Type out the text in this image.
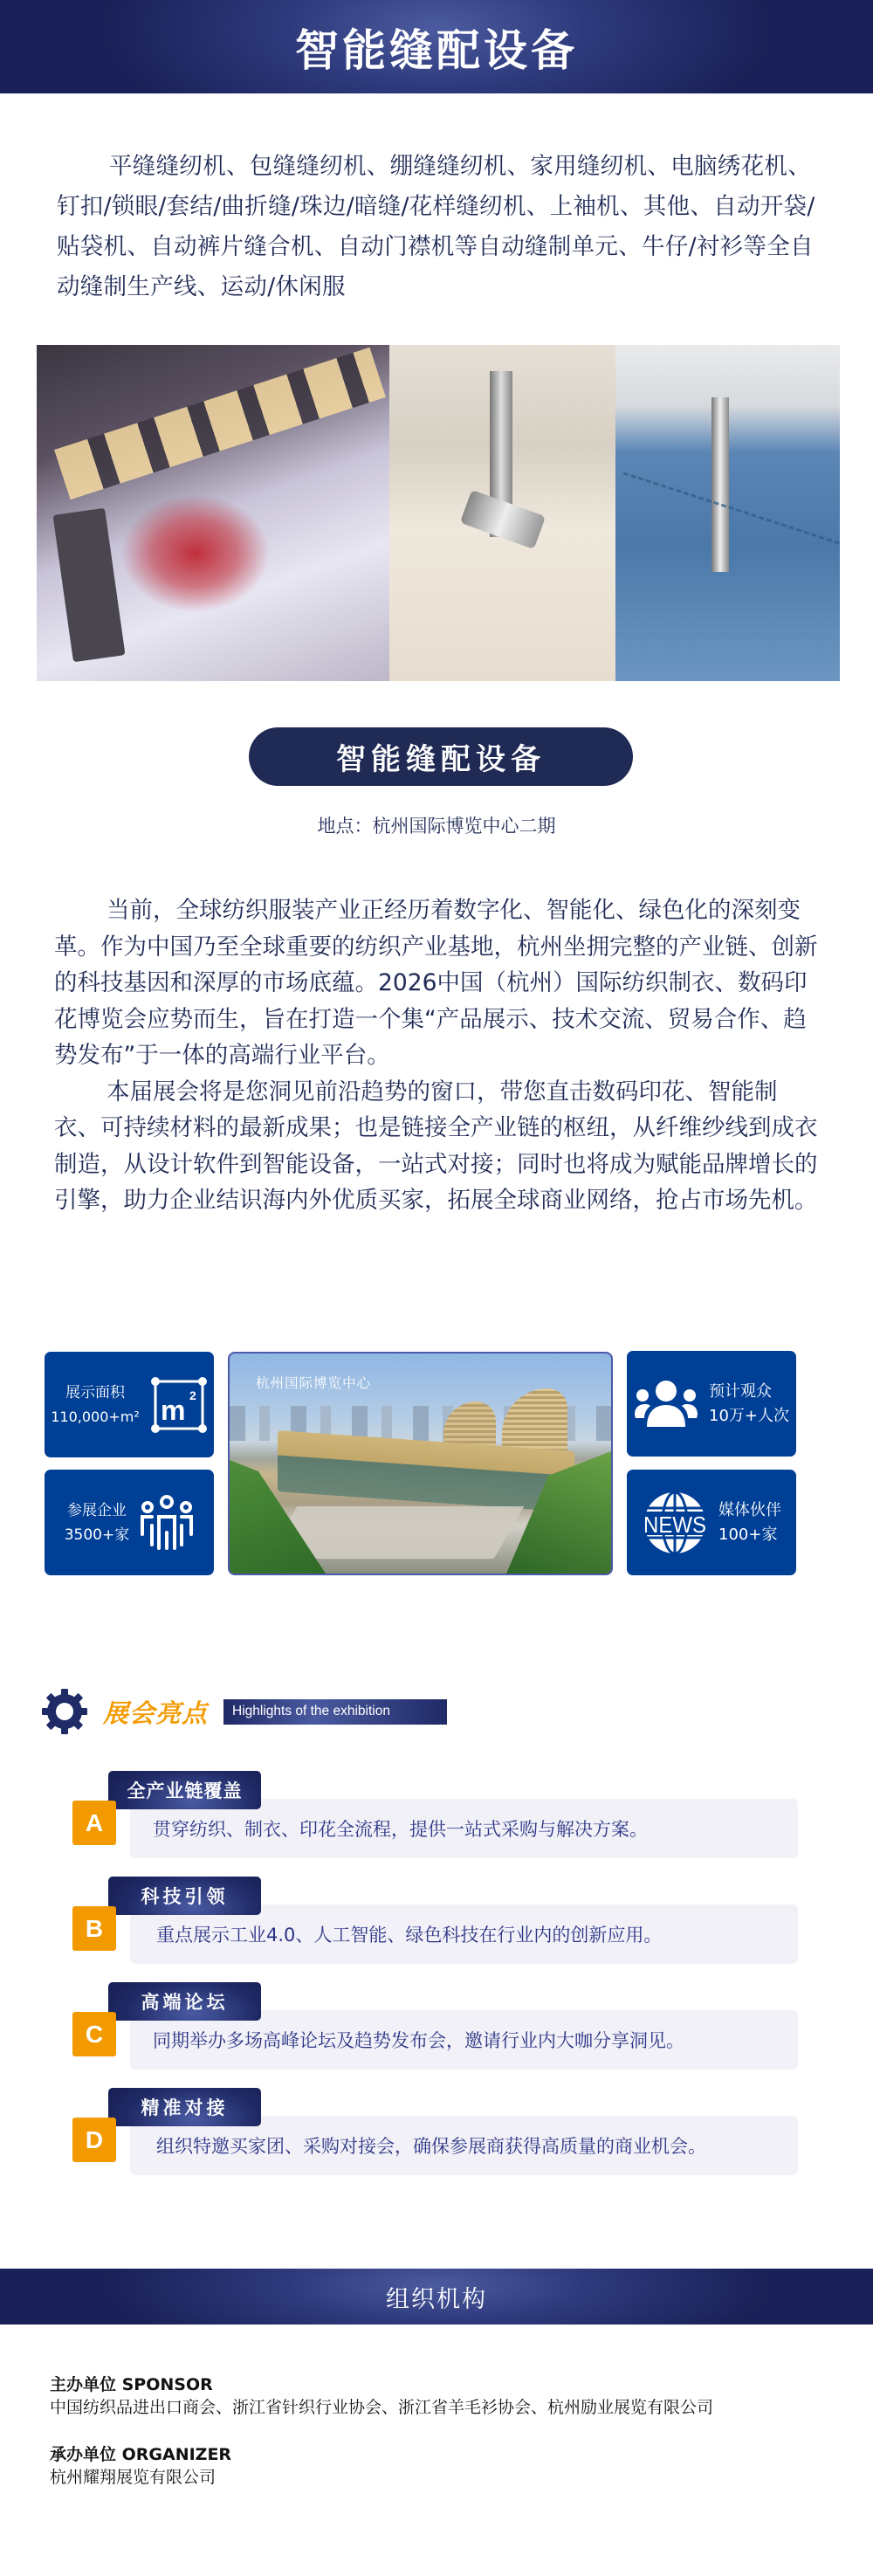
智能缝配设备

平缝缝纫机、包缝缝纫机、绷缝缝纫机、家用缝纫机、电脑绣花机、钉扣/锁眼/套结/曲折缝/珠边/暗缝/花样缝纫机、上袖机、其他、自动开袋/贴袋机、自动裤片缝合机、自动门襟机等自动缝制单元、牛仔/衬衫等全自动缝制生产线、运动/休闲服

智能缝配设备
地点：杭州国际博览中心二期

当前，全球纺织服装产业正经历着数字化、智能化、绿色化的深刻变革。作为中国乃至全球重要的纺织产业基地，杭州坐拥完整的产业链、创新的科技基因和深厚的市场底蕴。2026中国（杭州）国际纺织制衣、数码印花博览会应势而生，旨在打造一个集“产品展示、技术交流、贸易合作、趋势发布”于一体的高端行业平台。

本届展会将是您洞见前沿趋势的窗口，带您直击数码印花、智能制衣、可持续材料的最新成果；也是链接全产业链的枢纽，从纤维纱线到成衣制造，从设计软件到智能设备，一站式对接；同时也将成为赋能品牌增长的引擎，助力企业结识海内外优质买家，拓展全球商业网络，抢占市场先机。

展示面积
110,000+m² m 2
参展企业
3500+家
杭州国际博览中心	预计观众
10万+人次
NEWS
媒体伙伴
100+家
展会亮点	Highlights of the exhibition
贯穿纺织、制衣、印花全流程，提供一站式采购与解决方案。
全产业链覆盖
A
重点展示工业4.0、人工智能、绿色科技在行业内的创新应用。
科技引领
B
同期举办多场高峰论坛及趋势发布会，邀请行业内大咖分享洞见。
高端论坛
C
组织特邀买家团、采购对接会，确保参展商获得高质量的商业机会。
精准对接
D
组织机构
主办单位 SPONSOR
中国纺织品进出口商会、浙江省针织行业协会、浙江省羊毛衫协会、杭州励业展览有限公司
承办单位 ORGANIZER
杭州耀翔展览有限公司
